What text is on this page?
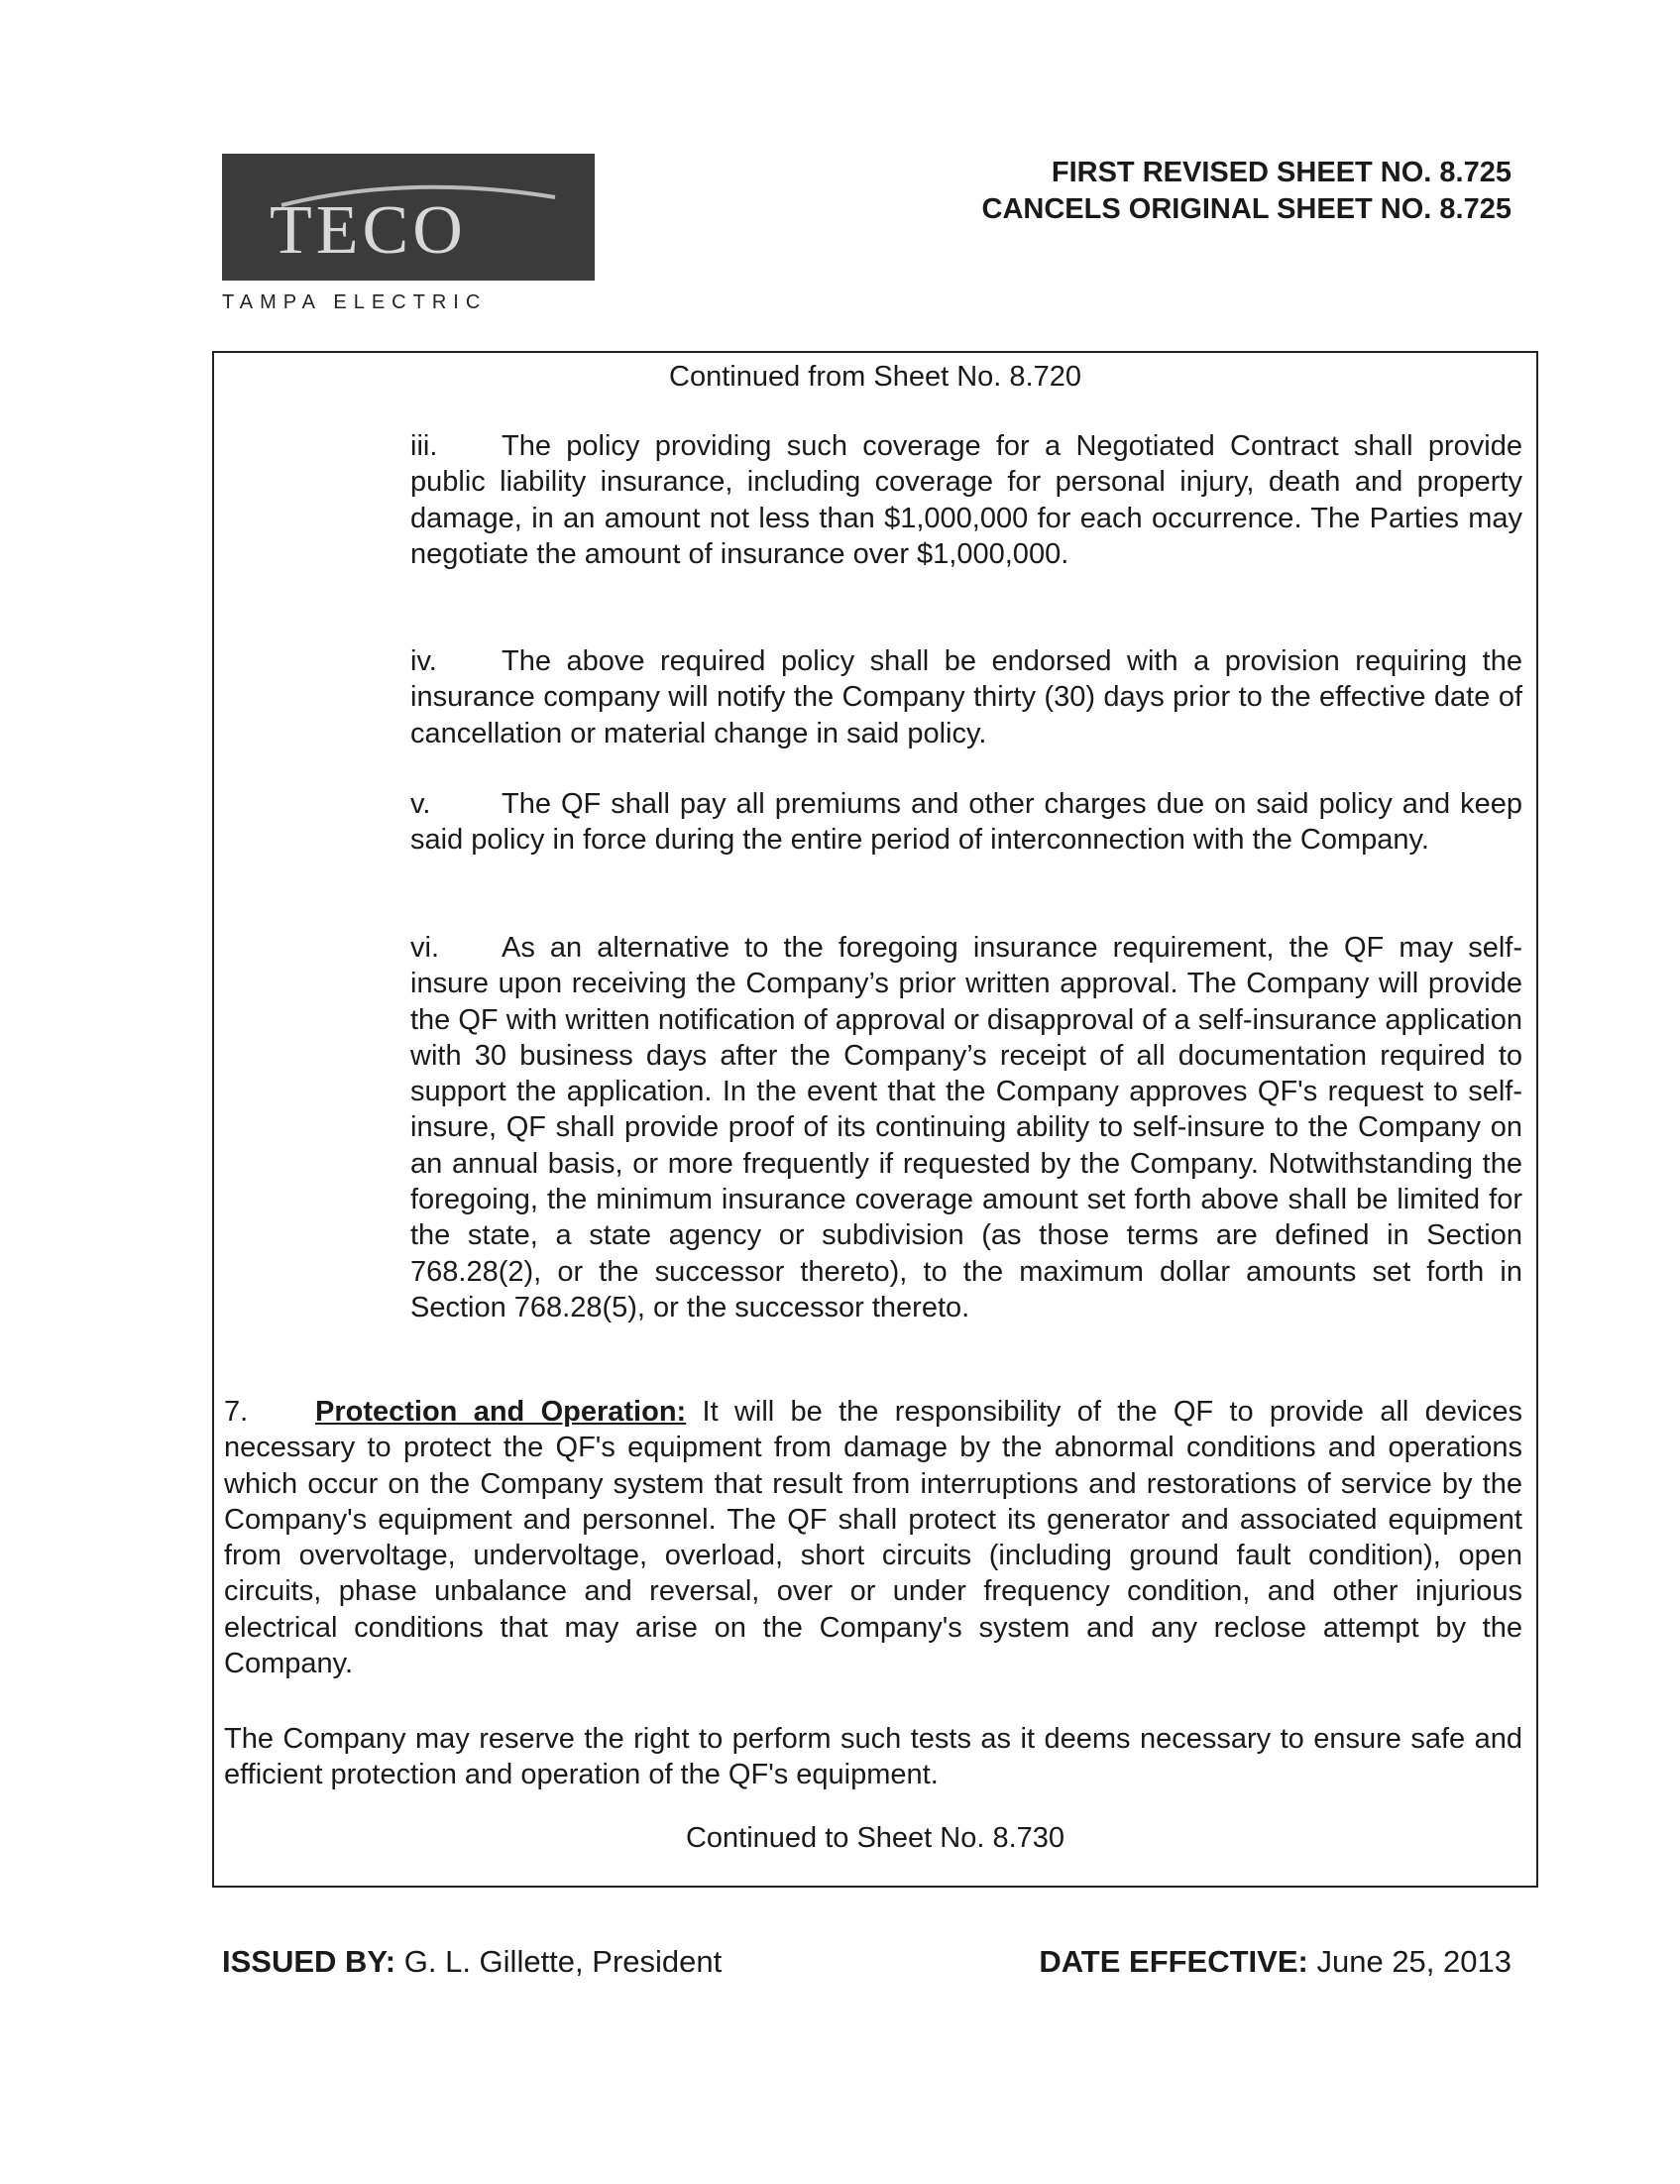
TECO
TAMPA ELECTRIC
FIRST REVISED SHEET NO. 8.725
CANCELS ORIGINAL SHEET NO. 8.725
Continued from Sheet No. 8.720
iii. The policy providing such coverage for a Negotiated Contract shall provide public liability insurance, including coverage for personal injury, death and property damage, in an amount not less than $1,000,000 for each occurrence. The Parties may negotiate the amount of insurance over $1,000,000.
iv. The above required policy shall be endorsed with a provision requiring the insurance company will notify the Company thirty (30) days prior to the effective date of cancellation or material change in said policy.
v. The QF shall pay all premiums and other charges due on said policy and keep said policy in force during the entire period of interconnection with the Company.
vi. As an alternative to the foregoing insurance requirement, the QF may self-insure upon receiving the Company’s prior written approval. The Company will provide the QF with written notification of approval or disapproval of a self-insurance application with 30 business days after the Company’s receipt of all documentation required to support the application. In the event that the Company approves QF's request to self-insure, QF shall provide proof of its continuing ability to self-insure to the Company on an annual basis, or more frequently if requested by the Company. Notwithstanding the foregoing, the minimum insurance coverage amount set forth above shall be limited for the state, a state agency or subdivision (as those terms are defined in Section 768.28(2), or the successor thereto), to the maximum dollar amounts set forth in Section 768.28(5), or the successor thereto.
7. Protection and Operation: It will be the responsibility of the QF to provide all devices necessary to protect the QF's equipment from damage by the abnormal conditions and operations which occur on the Company system that result from interruptions and restorations of service by the Company's equipment and personnel. The QF shall protect its generator and associated equipment from overvoltage, undervoltage, overload, short circuits (including ground fault condition), open circuits, phase unbalance and reversal, over or under frequency condition, and other injurious electrical conditions that may arise on the Company's system and any reclose attempt by the Company.
The Company may reserve the right to perform such tests as it deems necessary to ensure safe and efficient protection and operation of the QF's equipment.
Continued to Sheet No. 8.730
ISSUED BY: G. L. Gillette, President	DATE EFFECTIVE: June 25, 2013
